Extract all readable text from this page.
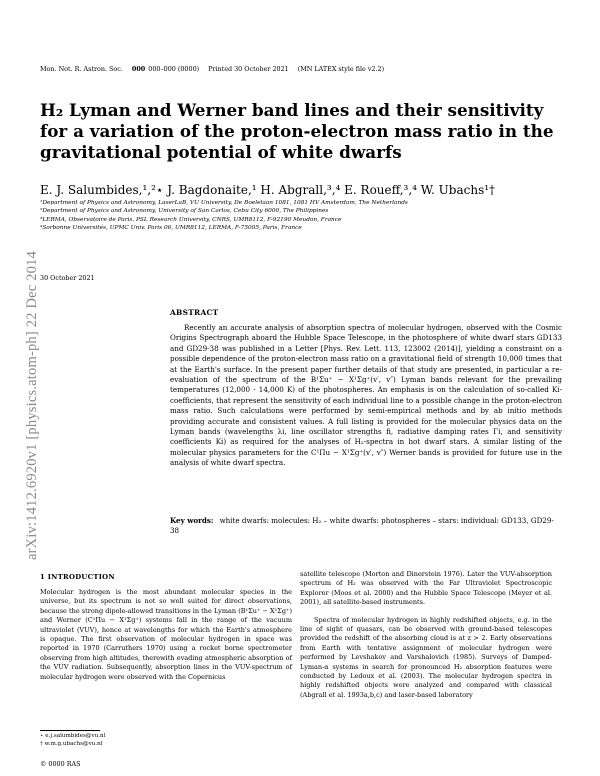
Mon. Not. R. Astron. Soc. 000 000–000 (0000) Printed 30 October 2021 (MN LATEX style file v2.2)
arXiv:1412.6920v1 [physics.atom-ph] 22 Dec 2014
H₂ Lyman and Werner band lines and their sensitivity for a variation of the proton-electron mass ratio in the gravitational potential of white dwarfs
E. J. Salumbides,¹,²⋆ J. Bagdonaite,¹ H. Abgrall,³,⁴ E. Roueff,³,⁴ W. Ubachs¹†
¹Department of Physics and Astronomy, LaserLaB, VU University, De Boelelaan 1081, 1081 HV Amsterdam, The Netherlands
²Department of Physics and Astronomy, University of San Carlos, Cebu City 6000, The Philippines
³LERMA, Observatoire de Paris, PSL Research University, CNRS, UMR8112, F-92190 Meudon, France
⁴Sorbonne Universités, UPMC Univ. Paris 06, UMR8112, LERMA, F-75005, Paris, France
30 October 2021
ABSTRACT
Recently an accurate analysis of absorption spectra of molecular hydrogen, observed with the Cosmic Origins Spectrograph aboard the Hubble Space Telescope, in the photosphere of white dwarf stars GD133 and GD29-38 was published in a Letter [Phys. Rev. Lett. 113, 123002 (2014)], yielding a constraint on a possible dependence of the proton-electron mass ratio on a gravitational field of strength 10,000 times that at the Earth's surface. In the present paper further details of that study are presented, in particular a re-evaluation of the spectrum of the B¹Σu⁺ − X¹Σg⁺(v′, v″) Lyman bands relevant for the prevailing temperatures (12,000 - 14,000 K) of the photospheres. An emphasis is on the calculation of so-called Ki-coefficients, that represent the sensitivity of each individual line to a possible change in the proton-electron mass ratio. Such calculations were performed by semi-empirical methods and by ab initio methods providing accurate and consistent values. A full listing is provided for the molecular physics data on the Lyman bands (wavelengths λi, line oscillator strengths fi, radiative damping rates Γi, and sensitivity coefficients Ki) as required for the analyses of H₂-spectra in hot dwarf stars. A similar listing of the molecular physics parameters for the C¹Πu − X¹Σg⁺(v′, v″) Werner bands is provided for future use in the analysis of white dwarf spectra.
Key words: white dwarfs: molecules: H₂ – white dwarfs: photospheres – stars: individual: GD133, GD29-38
1 INTRODUCTION

Molecular hydrogen is the most abundant molecular species in the universe, but its spectrum is not so well suited for direct observations, because the strong dipole-allowed transitions in the Lyman (B¹Σu⁺ − X¹Σg⁺) and Werner (C¹Πu − X¹Σg⁺) systems fall in the range of the vacuum ultraviolet (VUV), hence at wavelengths for which the Earth's atmosphere is opaque. The first observation of molecular hydrogen in space was reported in 1970 (Carruthers 1970) using a rocket borne spectrometer observing from high altitudes, therewith evading atmospheric absorption of the VUV radiation. Subsequently, absorption lines in the VUV-spectrum of molecular hydrogen were observed with the Copernicus

satellite telescope (Morton and Dinerstein 1976). Later the VUV-absorption spectrum of H₂ was observed with the Far Ultraviolet Spectroscopic Explorer (Moos et al. 2000) and the Hubble Space Telescope (Meyer et al. 2001), all satellite-based instruments.

Spectra of molecular hydrogen in highly redshifted objects, e.g. in the line of sight of quasars, can be observed with ground-based telescopes provided the redshift of the absorbing cloud is at z > 2. Early observations from Earth with tentative assignment of molecular hydrogen were performed by Levshakov and Varshalovich (1985). Surveys of Damped-Lyman-α systems in search for pronounced H₂ absorption features were conducted by Ledoux et al. (2003). The molecular hydrogen spectra in highly redshifted objects were analyzed and compared with classical (Abgrall et al. 1993a,b,c) and laser-based laboratory

⋆ e.j.salumbides@vu.nl
† w.m.g.ubachs@vu.nl
© 0000 RAS
